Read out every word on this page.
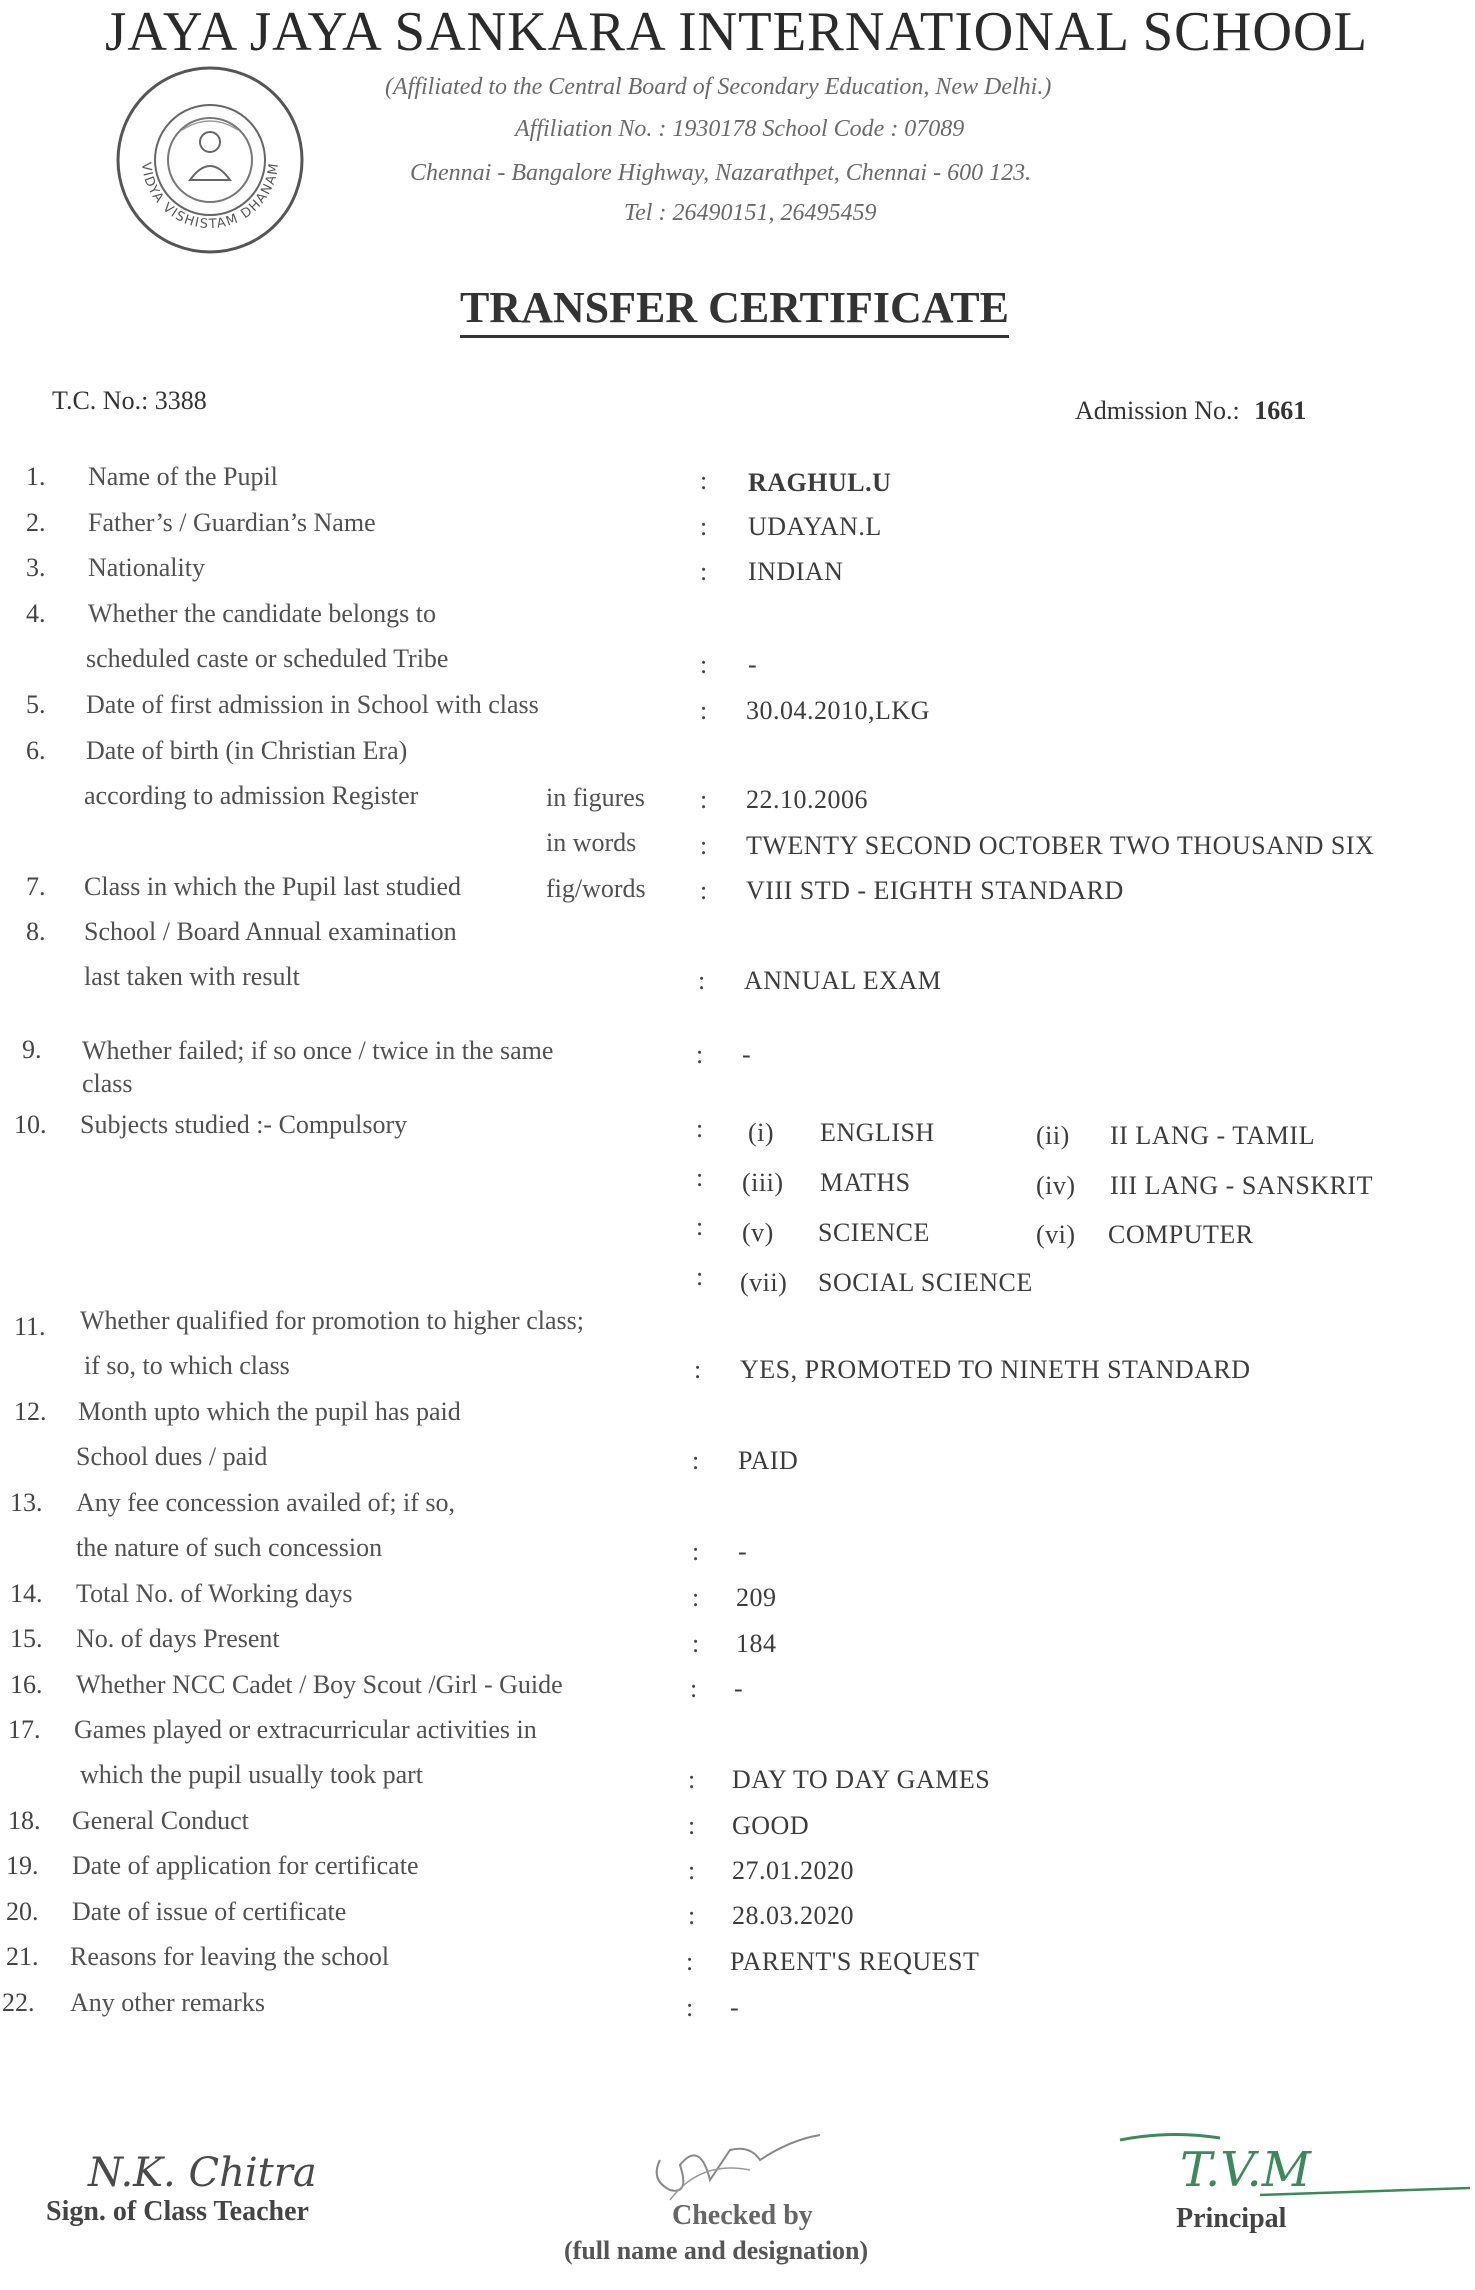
JAYA JAYA SANKARA INTERNATIONAL SCHOOL
VIDYA VISHISTAM DHANAM
(Affiliated to the Central Board of Secondary Education, New Delhi.)
Affiliation No. : 1930178 School Code : 07089
Chennai - Bangalore Highway, Nazarathpet, Chennai - 600 123.
Tel : 26490151, 26495459
TRANSFER CERTIFICATE
T.C. No.: 3388	Admission No.: 1661
1. Name of the Pupil	: RAGHUL.U
2. Father’s / Guardian’s Name	: UDAYAN.L
3. Nationality	: INDIAN
4. Whether the candidate belongs to
scheduled caste or scheduled Tribe	: -
5. Date of first admission in School with class	: 30.04.2010,LKG
6. Date of birth (in Christian Era)
according to admission Register	in figures : 22.10.2006
in words : TWENTY SECOND OCTOBER TWO THOUSAND SIX
7. Class in which the Pupil last studied	fig/words : VIII STD - EIGHTH STANDARD
8. School / Board Annual examination
last taken with result	: ANNUAL EXAM
9. Whether failed; if so once / twice in the same
class
: -
10. Subjects studied :- Compulsory	: (i) ENGLISH	(ii) II LANG - TAMIL
: (iii) MATHS	(iv) III LANG - SANSKRIT
: (v) SCIENCE	(vi) COMPUTER
: (vii) SOCIAL SCIENCE
11. Whether qualified for promotion to higher class;
if so, to which class	: YES, PROMOTED TO NINETH STANDARD
12. Month upto which the pupil has paid
School dues / paid	: PAID
13. Any fee concession availed of; if so,
the nature of such concession	: -
14. Total No. of Working days	: 209
15. No. of days Present	: 184
16. Whether NCC Cadet / Boy Scout /Girl - Guide	: -
17. Games played or extracurricular activities in
which the pupil usually took part	: DAY TO DAY GAMES
18. General Conduct	: GOOD
19. Date of application for certificate	: 27.01.2020
20. Date of issue of certificate	: 28.03.2020
21. Reasons for leaving the school	: PARENT'S REQUEST
22. Any other remarks	: -
N.K. Chitra
Sign. of Class Teacher	Checked by
(full name and designation)
T.V.M
Principal
